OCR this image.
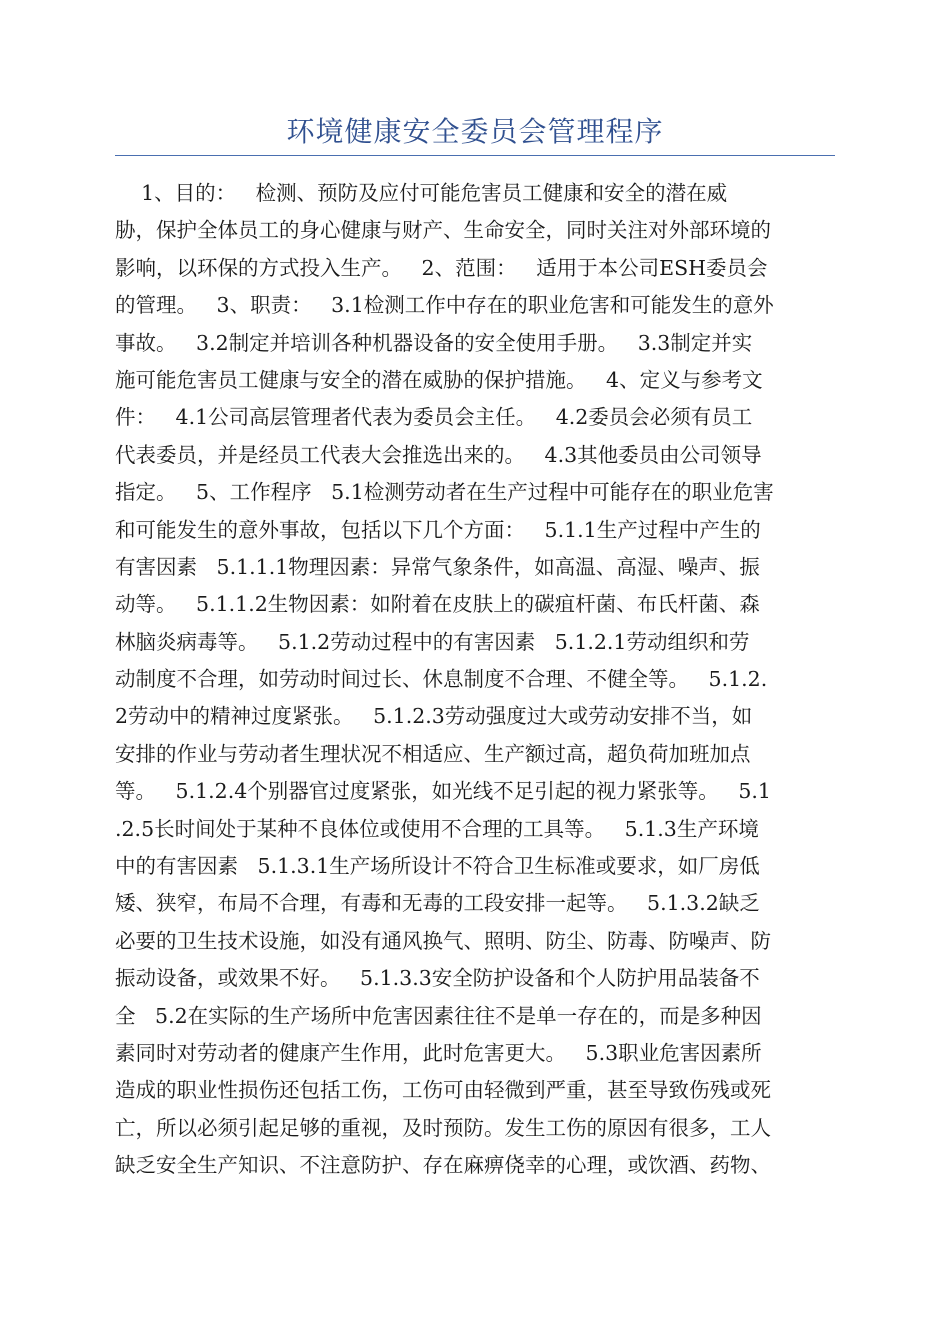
环境健康安全委员会管理程序
1、目的：   检测、预防及应付可能危害员工健康和安全的潜在威
胁，保护全体员工的身心健康与财产、生命安全，同时关注对外部环境的
影响，以环保的方式投入生产。   2、范围：   适用于本公司ESH委员会
的管理。   3、职责：   3.1检测工作中存在的职业危害和可能发生的意外
事故。   3.2制定并培训各种机器设备的安全使用手册。   3.3制定并实
施可能危害员工健康与安全的潜在威胁的保护措施。   4、定义与参考文
件：   4.1公司高层管理者代表为委员会主任。   4.2委员会必须有员工
代表委员，并是经员工代表大会推选出来的。   4.3其他委员由公司领导
指定。   5、工作程序   5.1检测劳动者在生产过程中可能存在的职业危害
和可能发生的意外事故，包括以下几个方面：   5.1.1生产过程中产生的
有害因素   5.1.1.1物理因素：异常气象条件，如高温、高湿、噪声、振
动等。   5.1.1.2生物因素：如附着在皮肤上的碳疽杆菌、布氏杆菌、森
林脑炎病毒等。   5.1.2劳动过程中的有害因素   5.1.2.1劳动组织和劳
动制度不合理，如劳动时间过长、休息制度不合理、不健全等。   5.1.2.
2劳动中的精神过度紧张。   5.1.2.3劳动强度过大或劳动安排不当，如
安排的作业与劳动者生理状况不相适应、生产额过高，超负荷加班加点
等。   5.1.2.4个别器官过度紧张，如光线不足引起的视力紧张等。   5.1
.2.5长时间处于某种不良体位或使用不合理的工具等。   5.1.3生产环境
中的有害因素   5.1.3.1生产场所设计不符合卫生标准或要求，如厂房低
矮、狭窄，布局不合理，有毒和无毒的工段安排一起等。   5.1.3.2缺乏
必要的卫生技术设施，如没有通风换气、照明、防尘、防毒、防噪声、防
振动设备，或效果不好。   5.1.3.3安全防护设备和个人防护用品装备不
全   5.2在实际的生产场所中危害因素往往不是单一存在的，而是多种因
素同时对劳动者的健康产生作用，此时危害更大。   5.3职业危害因素所
造成的职业性损伤还包括工伤，工伤可由轻微到严重，甚至导致伤残或死
亡，所以必须引起足够的重视，及时预防。发生工伤的原因有很多，工人
缺乏安全生产知识、不注意防护、存在麻痹侥幸的心理，或饮酒、药物、
